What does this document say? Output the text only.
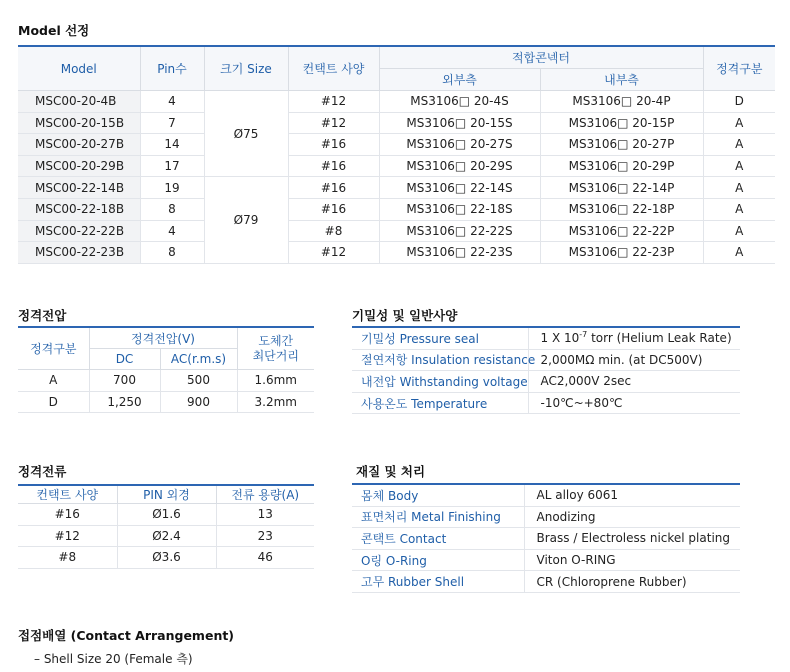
Model 선정
Model	Pin수	크기 Size	컨택트 사양	적합콘넥터		정격구분
				외부측	내부측	
MSC00-20-4B	4	Ø75	#12	MS3106□ 20-4S	MS3106□ 20-4P	D
MSC00-20-15B	7		#12	MS3106□ 20-15S	MS3106□ 20-15P	A
MSC00-20-27B	14		#16	MS3106□ 20-27S	MS3106□ 20-27P	A
MSC00-20-29B	17		#16	MS3106□ 20-29S	MS3106□ 20-29P	A
MSC00-22-14B	19	Ø79	#16	MS3106□ 22-14S	MS3106□ 22-14P	A
MSC00-22-18B	8		#16	MS3106□ 22-18S	MS3106□ 22-18P	A
MSC00-22-22B	4		#8	MS3106□ 22-22S	MS3106□ 22-22P	A
MSC00-22-23B	8		#12	MS3106□ 22-23S	MS3106□ 22-23P	A
정격전압
정격구분	정격전압(V)		도체간
최단거리

	DC	AC(r.m.s)	
A	700	500	1.6mm
D	1,250	900	3.2mm
기밀성 및 일반사양
기밀성 Pressure seal	1 X $10^{-7}$ torr (Helium Leak Rate)
절연저항 Insulation resistance	2,000MΩ min. (at DC500V)
내전압 Withstanding voltage	AC2,000V 2sec
사용온도 Temperature	-10℃~+80℃
정격전류
컨택트 사양	PIN 외경	전류 용량(A)
#16	Ø1.6	13
#12	Ø2.4	23
#8	Ø3.6	46
재질 및 처리
몸체 Body	AL alloy 6061
표면처리 Metal Finishing	Anodizing
콘택트 Contact	Brass / Electroless nickel plating
O링 O-Ring	Viton O-RING
고무 Rubber Shell	CR (Chloroprene Rubber)
접점배열 (Contact Arrangement)
– Shell Size 20 (Female 측)
